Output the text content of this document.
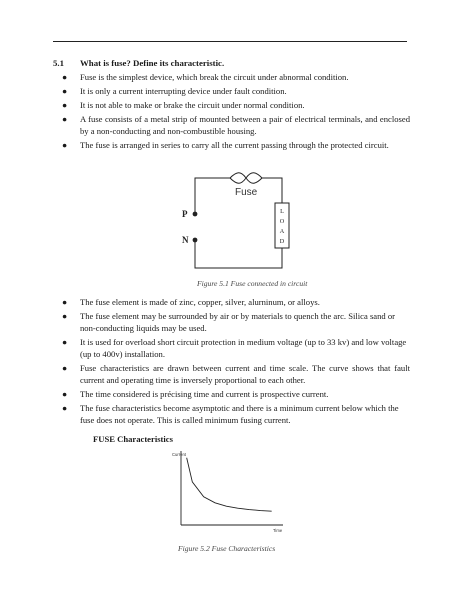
5.1 What is fuse? Define its characteristic.
● Fuse is the simplest device, which break the circuit under abnormal condition.
● It is only a current interrupting device under fault condition.
● It is not able to make or brake the circuit under normal condition.
● A fuse consists of a metal strip of mounted between a pair of electrical terminals, and enclosed by a non-conducting and non-combustible housing.
● The fuse is arranged in series to carry all the current passing through the protected circuit.
Fuse
P
N
L
O
A
D
Figure 5.1 Fuse connected in circuit
● The fuse element is made of zinc, copper, silver, alurninum, or alloys.
● The fuse element may be surrounded by air or by materials to quench the arc. Silica sand or non-conducting liquids may be used.
● It is used for overload short circuit protection in medium voltage (up to 33 kv) and low voltage (up to 400v) installation.
● Fuse characteristics are drawn between current and time scale. The curve shows that fault current and operating time is inversely proportional to each other.
● The time considered is précising time and current is prospective current.
● The fuse characteristics become asymptotic and there is a minimum current below which the fuse does not operate. This is called minimum fusing current.
FUSE Characteristics
Current
Time
Figure 5.2 Fuse Characteristics
